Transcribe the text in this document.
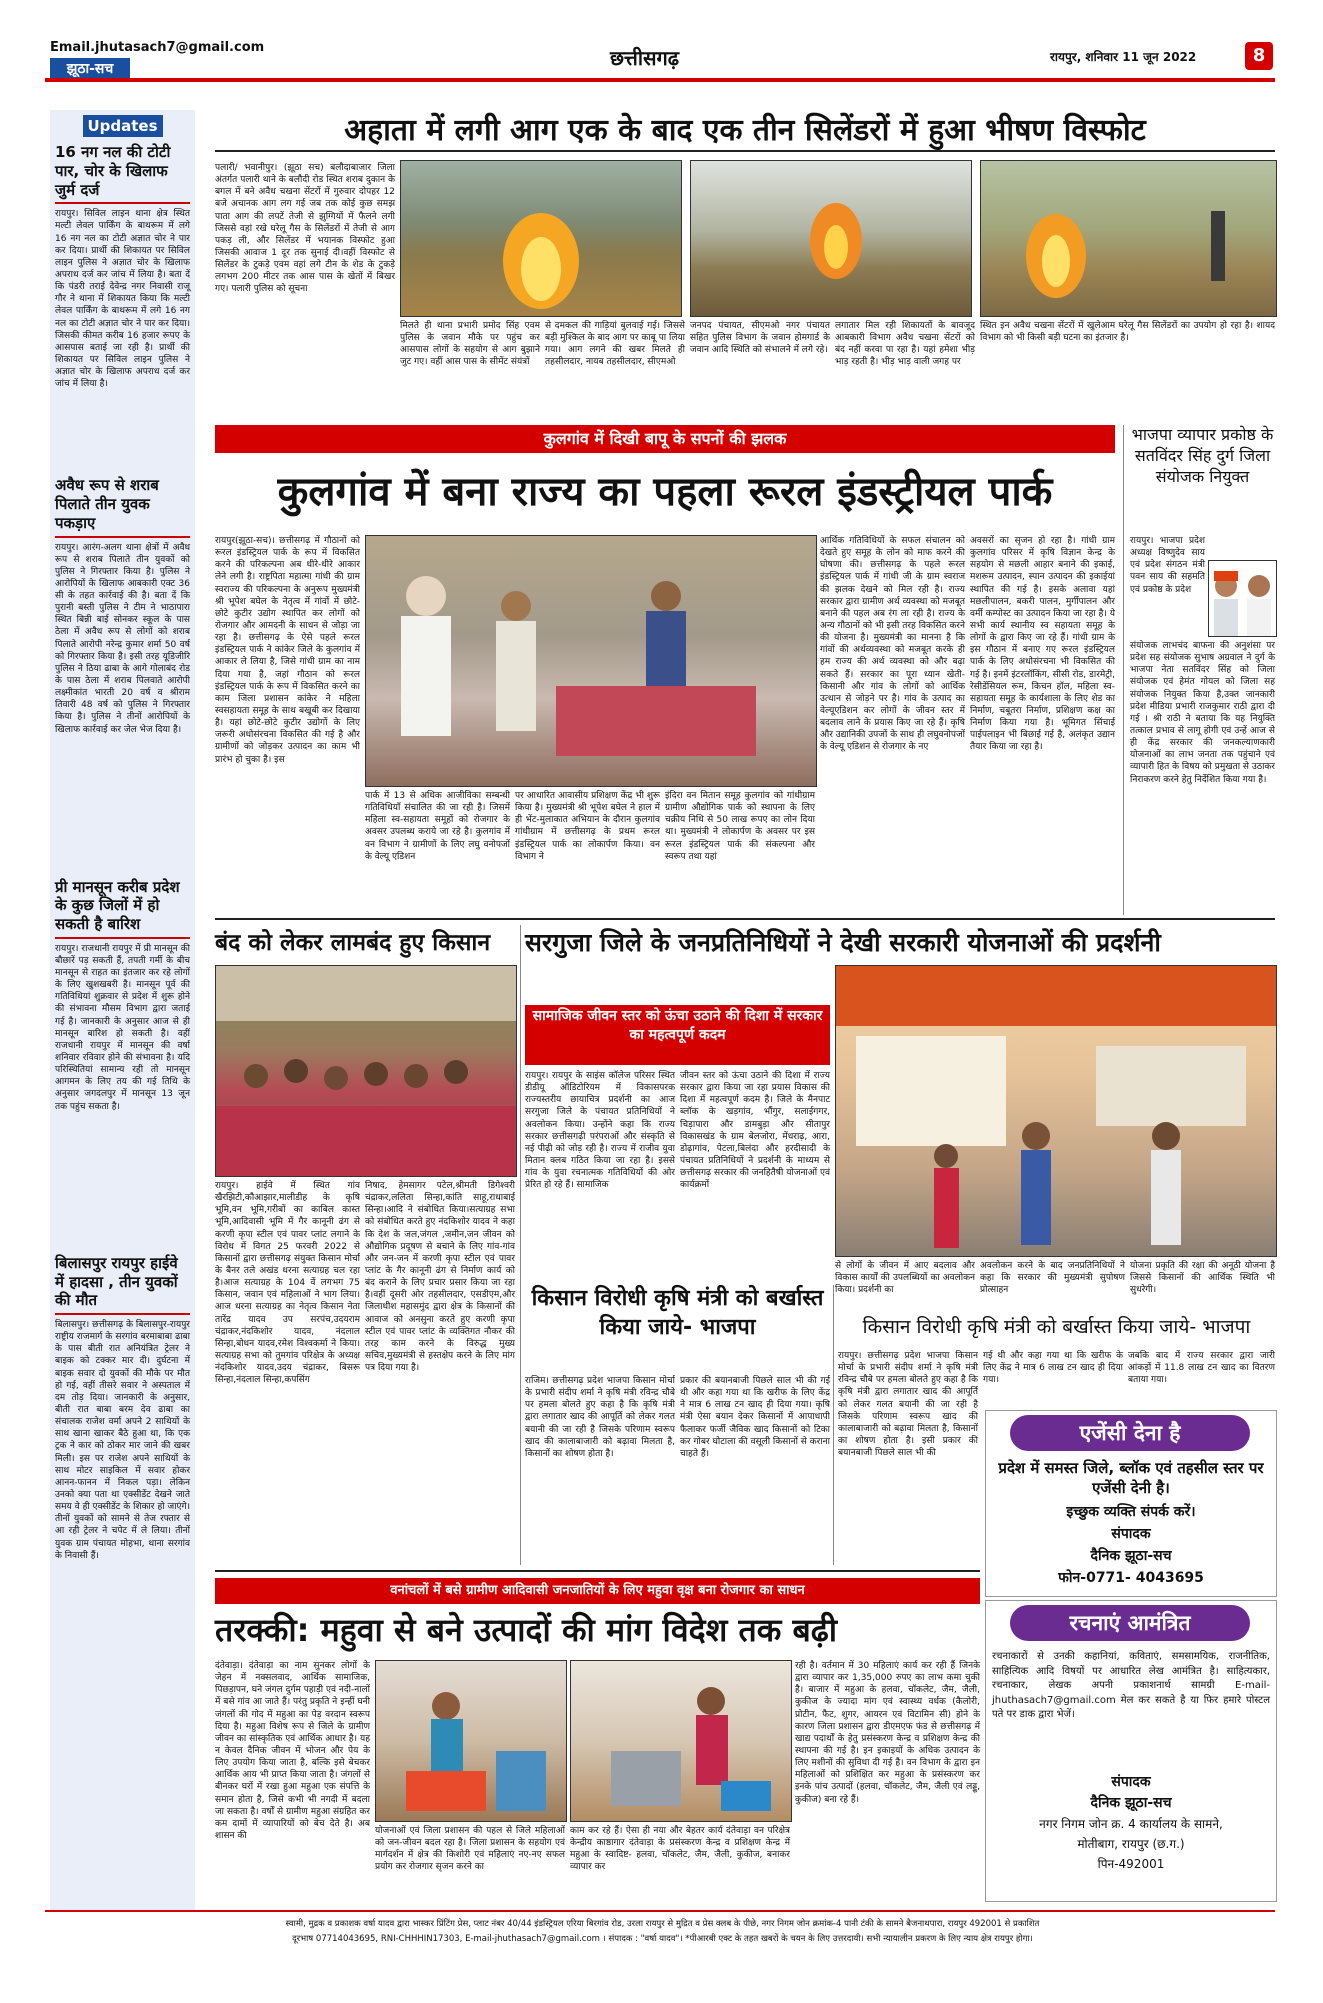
Email.jhutasach7@gmail.com
झूठा-सच	छत्तीसगढ़	रायपुर, शनिवार 11 जून 2022	8
Updates
16 नग नल की टोटी पार, चोर के खिलाफ जुर्म दर्ज
रायपुर। सिविल लाइन थाना क्षेत्र स्थित मल्टी लेवल पार्किंग के बाथरूम में लगे 16 नग नल का टोटी अज्ञात चोर ने पार कर दिया। प्रार्थी की शिकायत पर सिविल लाइन पुलिस ने अज्ञात चोर के खिलाफ अपराध दर्ज कर जांच में लिया है। बता दें कि पंडरी तराई देवेन्द्र नगर निवासी राजू गौर ने थाना में शिकायत किया कि मल्टी लेवल पार्किंग के बाथरूम में लगे 16 नग नल का टोटी अज्ञात चोर ने पार कर दिया। जिसकी कीमत करीब 16 हजार रूपए के आसपास बताई जा रही है। प्रार्थी की शिकायत पर सिविल लाइन पुलिस ने अज्ञात चोर के खिलाफ अपराध दर्ज कर जांच में लिया है।
अवैध रूप से शराब पिलाते तीन युवक पकड़ाए
रायपुर। आरंग-अलग थाना क्षेत्रों में अवैध रूप से शराब पिलाते तीन युवकों को पुलिस ने गिरफ्तार किया है। पुलिस ने आरोपियों के खिलाफ आबकारी एक्ट 36 सी के तहत कार्रवाई की है। बता दें कि पुरानी बस्ती पुलिस ने टीम ने भाठापारा स्थित बिन्नी बाई सोनकर स्कूल के पास ठेला में अवैध रूप से लोगों को शराब पिलाते आरोपी नरेन्द्र कुमार शर्मा 50 वर्ष को गिरफ्तार किया है। इसी तरह यूडिजीरि पुलिस ने ठिया ढाबा के आगे गोलाबंद रोड के पास ठेला में शराब पिलवाते आरोपी लक्ष्मीकांत भारती 20 वर्ष व श्रीराम तिवारी 48 वर्ष को पुलिस ने गिरफ्तार किया है। पुलिस ने तीनों आरोपियों के खिलाफ कार्रवाई कर जेल भेज दिया है।
प्री मानसून करीब प्रदेश के कुछ जिलों में हो सकती है बारिश
रायपुर। राजधानी रायपुर में प्री मानसून की बौछारें पड़ सकती हैं, तपती गर्मी के बीच मानसून से राहत का इंतजार कर रहे लोगों के लिए खुशखबरी है। मानसून पूर्व की गतिविधियां शुक्रवार से प्रदेश में शुरू होने की संभावना मौसम विभाग द्वारा जताई गई है। जानकारी के अनुसार आज से ही मानसून बारिश हो सकती है। वहीं राजधानी रायपुर में मानसून की वर्षा शनिवार रविवार होने की संभावना है। यदि परिस्थितियां सामान्य रही तो मानसून आगमन के लिए तय की गई तिथि के अनुसार जगदलपुर में मानसून 13 जून तक पहुंच सकता है।
बिलासपुर रायपुर हाईवे में हादसा , तीन युवकों की मौत
बिलासपुर। छत्तीसगढ़ के बिलासपुर-रायपुर राष्ट्रीय राजमार्ग के सरगांव बरमाबाबा ढाबा के पास बीती रात अनियंत्रित ट्रेलर ने बाइक को टक्कर मार दी। दुर्घटना में बाइक सवार दो युवकों की मौके पर मौत हो गई, वहीं तीसरे सवार ने अस्पताल में दम तोड़ दिया। जानकारी के अनुसार, बीती रात बाबा बरम देव ढाबा का संचालक राजेश वर्मा अपने 2 साथियों के साथ खाना खाकर बैठे हुआ था, कि एक ट्रक ने कार को ठोकर मार जाने की खबर मिली। इस पर राजेश अपने साथियों के साथ मोटर साइकिल में सवार होकर आनन-फानन में निकल पड़ा। लेकिन उनको क्या पता था एक्सीडेंट देखने जाते समय वे ही एक्सीडेंट के शिकार हो जाएंगे। तीनों युवकों को सामने से तेज रफ्तार से आ रही ट्रेलर ने चपेट में ले लिया। तीनों युवक ग्राम पंचायत मोहभा, थाना सरगांव के निवासी हैं।
अहाता में लगी आग एक के बाद एक तीन सिलेंडरों में हुआ भीषण विस्फोट
पलारी/ भवानीपुर। (झूठा सच) बलौदाबाजार जिला अंतर्गत पलारी थाने के बलौदी रोड स्थित शराब दुकान के बगल में बने अवैध चखना सेंटरों में गुरुवार दोपहर 12 बजे अचानक आग लग गई जब तक कोई कुछ समझ पाता आग की लपटें तेजी से झुग्गियों में फैलने लगी जिससे वहां रखे घरेलू गैस के सिलेंडरों में तेजी से आग पकड़ ली, और सिलेंडर में भयानक विस्फोट हुआ जिसकी आवाज 1 दूर तक सुनाई दी।वहीं विस्फोट से सिलेंडर के टुकड़े एवम वहां लगे टीन के शेड के टुकड़े लगभग 200 मीटर तक आस पास के खेतों में बिखर गए। पलारी पुलिस को सूचना
मिलते ही थाना प्रभारी प्रमोद सिंह एवम पुलिस के जवान मौके पर पहुंच कर आसपास लोगों के सहयोग से आग बुझाने जुट गए। वहीं आस पास के सीमेंट संयंत्रों
से दमकल की गाड़ियां बुलवाई गई। जिससे बड़ी मुश्किल के बाद आग पर काबू पा लिया गया। आग लगने की खबर मिलते ही तहसीलदार, नायब तहसीलदार, सीएमओ
जनपद पंचायत, सीएमओ नगर पंचायत सहित पुलिस विभाग के जवान होमगार्ड के जवान आदि स्थिति को संभालने में लगे रहे।
लगातार मिल रही शिकायतों के बावजूद आबकारी विभाग अवैध चखना सेंटरों को बंद नहीं करवा पा रहा है। यहां हमेशा भीड़ भाड़ रहती है। भीड़ भाड़ वाली जगह पर
स्थित इन अवैध चखना सेंटरों में खुलेआम घरेलू गैस सिलेंडरों का उपयोग हो रहा है। शायद विभाग को भी किसी बड़ी घटना का इंतजार है।
कुलगांव में दिखी बापू के सपनों की झलक
कुलगांव में बना राज्य का पहला रूरल इंडस्ट्रीयल पार्क
रायपुर(झूठा-सच)। छत्तीसगढ़ में गौठानों को रूरल इंडस्ट्रियल पार्क के रूप में विकसित करने की परिकल्पना अब धीरे-धीरे आकार लेने लगी है। राष्ट्रपिता महात्मा गांधी की ग्राम स्वराज्य की परिकल्पना के अनुरूप मुख्यमंत्री श्री भूपेश बघेल के नेतृत्व में गांवों में छोटे-छोटे कुटीर उद्योग स्थापित कर लोगों को रोजगार और आमदनी के साधन से जोड़ा जा रहा है। छत्तीसगढ़ के ऐसे पहले रूरल इंडस्ट्रियल पार्क ने कांकेर जिले के कुलगांव में आकार ले लिया है, जिसे गांधी ग्राम का नाम दिया गया है, जहां गौठान को रूरल इंडस्ट्रियल पार्क के रूप में विकसित करने का काम जिला प्रशासन कांकेर ने महिला स्वसहायता समूह के साथ बखूबी कर दिखाया है। यहां छोटे-छोटे कुटीर उद्योगों के लिए जरूरी अधोसंरचना विकसित की गई है और ग्रामीणों को जोड़कर उत्पादन का काम भी प्रारंभ हो चुका है। इस
पार्क में 13 से अधिक आजीविका सम्बन्धी गतिविधियाँ संचालित की जा रही है। जिसमें महिला स्व-सहायता समूहों को रोजगार के अवसर उपलब्ध कराये जा रहे है। कुलगांव में वन विभाग ने ग्रामीणों के लिए लघु वनोपजों के वेल्यू एडिशन
पर आधारित आवासीय प्रशिक्षण केंद्र भी शुरू किया है। मुख्यमंत्री श्री भूपेश बघेल ने हाल में ही भेंट-मुलाकात अभियान के दौरान कुलगांव गांधीग्राम में छत्तीसगढ़ के प्रथम रूरल इंडस्ट्रियल पार्क का लोकार्पण किया। वन विभाग ने
इंदिरा वन मितान समूह कुलगांव को गांधीग्राम ग्रामीण औद्योगिक पार्क को स्थापना के लिए चक्रीय निधि से 50 लाख रूपए का लोन दिया था। मुख्यमंत्री ने लोकार्पण के अवसर पर इस रूरल इंडस्ट्रियल पार्क की संकल्पना और स्वरूप तथा यहां
आर्थिक गतिविधियों के सफल संचालन को देखते हुए समूह के लोन को माफ करने की घोषणा की। छत्तीसगढ़ के पहले रूरल इंडस्ट्रियल पार्क में गांधी जी के ग्राम स्वराज की झलक देखने को मिल रही है। राज्य सरकार द्वारा ग्रामीण अर्थ व्यवस्था को मजबूत बनाने की पहल अब रंग ला रही है। राज्य के अन्य गौठानों को भी इसी तरह विकसित करने की योजना है। मुख्यमंत्री का मानना है कि गांवों की अर्थव्यवस्था को मजबूत करके ही हम राज्य की अर्थ व्यवस्था को और बढ़ा सकते हैं। सरकार का पूरा ध्यान खेती-किसानी और गांव के लोगों को आर्थिक उत्थान से जोड़ने पर है। गांव के उत्पाद का वेल्यूएडिशन कर लोगों के जीवन स्तर में बदलाव लाने के प्रयास किए जा रहे हैं। कृषि और उद्यानिकी उपजों के साथ ही लघुवनोपजों के वेल्यू एडिशन से रोजगार के नए
अवसरों का सृजन हो रहा है। गांधी ग्राम कुलगांव परिसर में कृषि विज्ञान केन्द्र के सहयोग से मछली आहार बनाने की इकाई, मशरूम उत्पादन, स्पान उत्पादन की इकाईयां स्थापित की गई है। इसके अलावा यहां मछलीपालन, बकरी पालन, मुर्गीपालन और वर्मी कम्पोस्ट का उत्पादन किया जा रहा है। ये सभी कार्य स्थानीय स्व सहायता समूह के लोगों के द्वारा किए जा रहे हैं। गांधी ग्राम के इस गौठान में बनाए गए रूरल इंडस्ट्रियल पार्क के लिए अधोसंरचना भी विकसित की गई है। इनमें इंटरलॉकिंग, सीसी रोड, डारमेट्री, रेसीडेंसियल रूम, किचन हॉल, महिला स्व-सहायता समूह के कार्यशाला के लिए शेड का निर्माण, चबूतरा निर्माण, प्रशिक्षण कक्ष का निर्माण किया गया है। भूमिगत सिंचाई पाईपलाइन भी बिछाई गई है, अलंकृत उद्यान तैयार किया जा रहा है।
भाजपा व्यापार प्रकोष्ठ के सतविंदर सिंह दुर्ग जिला संयोजक नियुक्त
रायपुर। भाजपा प्रदेश अध्यक्ष विष्णुदेव साय एवं प्रदेश संगठन मंत्री पवन साय की सहमति एवं प्रकोष्ठ के प्रदेश
संयोजक लाभचंद बाफना की अनुशंसा पर प्रदेश सह संयोजक सुभाष अग्रवाल ने दुर्ग के भाजपा नेता सतविंदर सिंह को जिला संयोजक एवं हेमंत गोयल को जिला सह संयोजक नियुक्त किया है,उक्त जानकारी प्रदेश मीडिया प्रभारी राजकुमार राठी द्वारा दी गई । श्री राठी ने बताया कि यह नियुक्ति तत्काल प्रभाव से लागू होगी एवं उन्हें आज से ही केंद्र सरकार की जनकल्याणकारी योजनाओं का लाभ जनता तक पहुंचाने एवं व्यापारी हित के विषय को प्रमुखता से उठाकर निराकरण करने हेतु निर्देशित किया गया है।
बंद को लेकर लामबंद हुए किसान
रायपुर। हाईवे में स्थित गांव खैरझिटी,कौआझार,मालीडीह के कृषि भूमि,वन भूमि,गरीबों का काबिल कास्त भूमि,आदिवासी भूमि में गैर कानूनी ढंग से करणी कृपा स्टील एवं पावर प्लांट लगाने के विरोध में विगत 25 फरवरी 2022 से किसानों द्वारा छत्तीसगढ़ संयुक्त किसान मोर्चा के बैनर तले अखंड धरना सत्याग्रह चल रहा है।आज सत्याग्रह के 104 वें लगभग 75 किसान, जवान एवं महिलाओं ने भाग लिया।आज धरना सत्याग्रह का नेतृत्व किसान नेता तारेंद्र यादव उप सरपंच,उदयराम चंद्राकर,नंदकिशोर यादव, नंदलाल सिन्हा,बोधन यादव,रमेश विश्वकर्मा ने किया।सत्याग्रह सभा को तुमगांव परिक्षेत्र के अध्यक्ष नंदकिशोर यादव,उदय चंद्राकर, बिसरू सिन्हा,नंदलाल सिन्हा,कपसिंग
निषाद, हेमसागर पटेल,श्रीमती डिगेश्वरी चंद्राकर,ललिता सिन्हा,कांति साहू,राधाबाई सिन्हा।आदि ने संबोधित किया।सत्याग्रह सभा को संबोधित करते हुए नंदकिशोर यादव ने कहा कि देश के जल,जंगल ,जमीन,जन जीवन को औद्योगिक प्रदूषण से बचाने के लिए गांव-गांव और जन-जन में करणी कृपा स्टील एवं पावर प्लांट के गैर कानूनी ढंग से निर्माण कार्य को बंद कराने के लिए प्रचार प्रसार किया जा रहा है।वहीं दूसरी ओर तहसीलदार, एसडीएम,और जिलाधीश महासमुंद द्वारा क्षेत्र के किसानों की आवाज को अनसुना करते हुए करणी कृपा स्टील एवं पावर प्लांट के व्यक्तिगत नौकर की तरह काम करने के विरुद्ध मुख्य सचिव,मुख्यमंत्री से हस्तक्षेप करने के लिए मांग पत्र दिया गया है।
सरगुजा जिले के जनप्रतिनिधियों ने देखी सरकारी योजनाओं की प्रदर्शनी
सामाजिक जीवन स्तर को ऊंचा उठाने की दिशा में सरकार का महत्वपूर्ण कदम
रायपुर। रायपुर के साइंस कॉलेज परिसर स्थित डीडीयू ऑडिटोरियम में विकासपरक राज्यस्तरीय छायाचित्र प्रदर्शनी का आज सरगुजा जिले के पंचायत प्रतिनिधियों ने अवलोकन किया। उन्होंने कहा कि राज्य सरकार छत्तीसगढ़ी परंपराओं और संस्कृति से नई पीढ़ी को जोड़ रही है। राज्य में राजीव युवा मितान क्लब गठित किया जा रहा है। इससे गांव के युवा रचनात्मक गतिविधियों की ओर प्रेरित हो रहे हैं। सामाजिक
जीवन स्तर को ऊंचा उठाने की दिशा में राज्य सरकार द्वारा किया जा रहा प्रयास विकास की दिशा में महत्वपूर्ण कदम है। जिले के मैनपाट ब्लॉक के खड़गांव, भौंगुर, सलाईगगर, चिड़ापारा और डामबुड़ा और सीतापुर विकासखंड के ग्राम बेलजोरा, मेंधराढ़, आरा, डोढ़ागांव, पेटला,बिलंदा और हरदीसादी के पंचायत प्रतिनिधियों ने प्रदर्शनी के माध्यम से छत्तीसगढ़ सरकार की जनहितैषी योजनाओं एवं कार्यक्रमों
से लोगों के जीवन में आए बदलाव और विकास कार्यों की उपलब्धियों का अवलोकन किया। प्रदर्शनी का
अवलोकन करने के बाद जनप्रतिनिधियों ने कहा कि सरकार की मुख्यमंत्री सुपोषण प्रोत्साहन
योजना प्रकृति की रक्षा की अनूठी योजना है जिससे किसानों की आर्थिक स्थिति भी सुधरेगी।
किसान विरोधी कृषि मंत्री को बर्खास्त किया जाये- भाजपा
राजिम। छत्तीसगढ़ प्रदेश भाजपा किसान मोर्चा के प्रभारी संदीप शर्मा ने कृषि मंत्री रविन्द्र चौबे पर हमला बोलते हुए कहा है कि कृषि मंत्री द्वारा लगातार खाद की आपूर्ति को लेकर गलत बयानी की जा रही है जिसके परिणाम स्वरूप खाद की कालाबाजारी को बढ़ावा मिलता है, किसानों का शोषण होता है।
प्रकार की बयानबाजी पिछले साल भी की गई थी और कहा गया था कि खरीफ के लिए केंद्र ने मात्र 6 लाख टन खाद ही दिया गया। कृषि मंत्री ऐसा बयान देकर किसानों में आपाधापी फैलाकर फर्जी जैविक खाद किसानों को टिका कर गोबर घोटाला की वसूली किसानों से कराना चाहते हैं।
किसान विरोधी कृषि मंत्री को बर्खास्त किया जाये- भाजपा
रायपुर। छत्तीसगढ़ प्रदेश भाजपा किसान मोर्चा के प्रभारी संदीप शर्मा ने कृषि मंत्री रविन्द्र चौबे पर हमला बोलते हुए कहा है कि कृषि मंत्री द्वारा लगातार खाद की आपूर्ति को लेकर गलत बयानी की जा रही है जिसके परिणाम स्वरूप खाद की कालाबाजारी को बढ़ावा मिलता है, किसानों का शोषण होता है। इसी प्रकार की बयानबाजी पिछले साल भी की
गई थी और कहा गया था कि खरीफ के लिए केंद्र ने मात्र 6 लाख टन खाद ही दिया गया।
जबकि बाद में राज्य सरकार द्वारा जारी आंकड़ों में 11.8 लाख टन खाद का वितरण बताया गया।
एजेंसी देना है
प्रदेश में समस्त जिले, ब्लॉक एवं तहसील स्तर पर एजेंसी देनी है।
इच्छुक व्यक्ति संपर्क करें।
संपादक
दैनिक झूठा-सच
फोन-0771- 4043695
वनांचलों में बसे ग्रामीण आदिवासी जनजातियों के लिए महुवा वृक्ष बना रोजगार का साधन
तरक्की: महुवा से बने उत्पादों की मांग विदेश तक बढ़ी
दंतेवाड़ा। दंतेवाड़ा का नाम सुनकर लोगों के जेहन में नक्सलवाद, आर्थिक सामाजिक, पिछड़ापन, घने जंगल दुर्गम पहाड़ी एवं नदी-नालों में बसे गांव आ जाते हैं। परंतु प्रकृति ने इन्हीं घनी जंगलों की गोद में महुआ का पेड़ वरदान स्वरूप दिया है। महुआ विशेष रूप से जिले के ग्रामीण जीवन का सांस्कृतिक एवं आर्थिक आधार है। यह न केवल दैनिक जीवन में भोजन और पेय के लिए उपयोग किया जाता है, बल्कि इसे बेचकर आर्थिक आय भी प्राप्त किया जाता है। जंगलों से बीनकर घरों में रखा हुआ महुआ एक संपत्ति के समान होता है, जिसे कभी भी नगदी में बदला जा सकता है। वर्षों से ग्रामीण महुआ संग्रहित कर कम दामों में व्यापारियों को बेच देते है। अब शासन की	योजनाओं एवं जिला प्रशासन की पहल से जिले महिलाओं को जन-जीवन बदल रहा है। जिला प्रशासन के सहयोग एवं मार्गदर्शन में क्षेत्र की किशोरी एवं महिलाएं नए-नए सफल प्रयोग कर रोजगार सृजन करने का
काम कर रहे हैं। ऐसा ही नया और बेहतर कार्य दंतेवाड़ा वन परिक्षेत्र केन्द्रीय काष्ठागार दंतेवाड़ा के प्रसंस्करण केन्द्र व प्रशिक्षण केन्द्र में महुआ के स्वादिष्ट- हलवा, चॉकलेट, जैम, जैली, कुकीज, बनाकर व्यापार कर
रही है। वर्तमान में 30 महिलाएं कार्य कर रही हैं जिनके द्वारा व्यापार कर 1,35,000 रुपए का लाभ कमा चुकी है। बाजार में महुआ के हलवा, चॉकलेट, जैम, जैली, कुकीज के ज्यादा मांग एवं स्वास्थ्य वर्धक (कैलोरी, प्रोटीन, फैट, शुगर, आयरन एवं विटामिन सी) होने के कारण जिला प्रशासन द्वारा डीएमएफ फंड से छत्तीसगढ़ में खाद्य पदार्थों के हेतु प्रसंस्करण केन्द्र व प्रशिक्षण केन्द्र की स्थापना की गई है। इन इकाइयों के अधिक उत्पादन के लिए मशीनों की सुविधा दी गई है। वन विभाग के द्वारा इन महिलाओं को प्रशिक्षित कर महुआ के प्रसंस्करण कर इनके पांच उत्पादों (हलवा, चॉकलेट, जैम, जैली एवं लड्डू, कुकीज) बना रहे हैं।
रचनाएं आमंत्रित
रचनाकारों से उनकी कहानियां, कविताएं, समसामयिक, राजनीतिक, साहित्यिक आदि विषयों पर आधारित लेख आमंत्रित है। साहित्यकार, रचनाकार, लेखक अपनी प्रकाशनार्थ सामग्री E-mail-jhuthasach7@gmail.com मेल कर सकते है या फिर हमारे पोस्टल पते पर डाक द्वारा भेजें।
संपादक
दैनिक झूठा-सच
नगर निगम जोन क्र. 4 कार्यालय के सामने,
मोतीबाग, रायपुर (छ.ग.)
पिन-492001
स्वामी, मुद्रक व प्रकाशक वर्षा यादव द्वारा भास्कर प्रिंटिंग प्रेस, प्लाट नंबर 40/44 इंडस्ट्रियल एरिया बिरगांव रोड, उरला रायपुर से मुद्रित व प्रेस क्लब के पीछे, नगर निगम जोन क्रमांक-4 पानी टंकी के सामने बैजनाथपारा, रायपुर 492001 से प्रकाशित
दूरभाष 07714043695, RNI-CHHHIN17303, E-mail-jhuthasach7@gmail.com । संपादक : "वर्षा यादव"। *पीआरबी एक्ट के तहत खबरों के चयन के लिए उत्तरदायी। सभी न्यायालीन प्रकरण के लिए न्याय क्षेत्र रायपुर होगा।
